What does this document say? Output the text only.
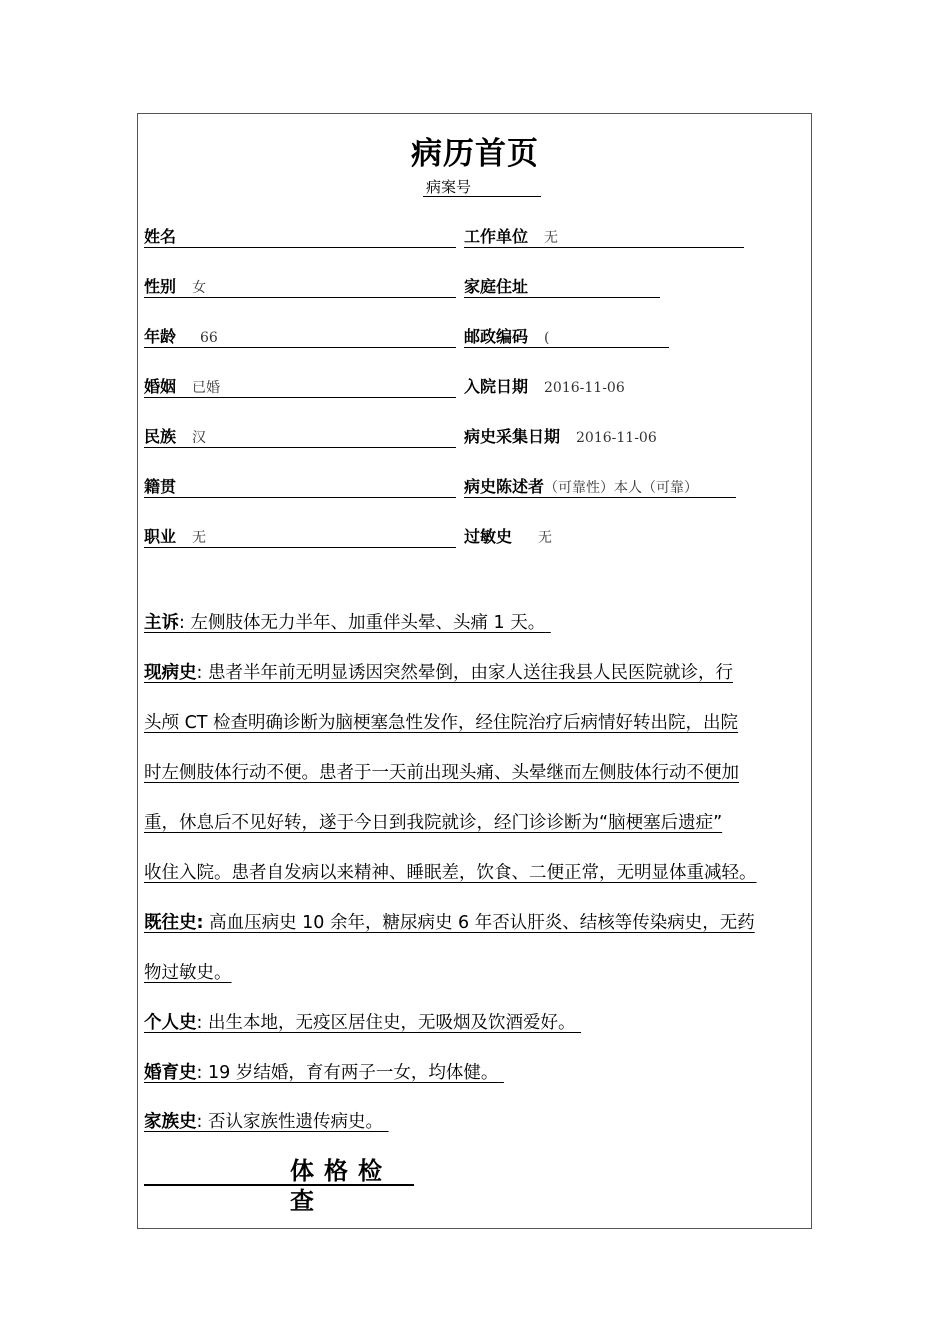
病历首页
病案号
姓名	工作单位 无
性别 女	家庭住址
年龄 66	邮政编码 (
婚姻 已婚	入院日期 2016-11-06
民族 汉	病史采集日期 2016-11-06
籍贯	病史陈述者（可靠性）本人（可靠）
职业 无	过敏史 无
主诉: 左侧肢体无力半年、加重伴头晕、头痛 1 天。
现病史: 患者半年前无明显诱因突然晕倒，由家人送往我县人民医院就诊，行
头颅 CT 检查明确诊断为脑梗塞急性发作，经住院治疗后病情好转出院，出院
时左侧肢体行动不便。患者于一天前出现头痛、头晕继而左侧肢体行动不便加
重，休息后不见好转，遂于今日到我院就诊，经门诊诊断为“脑梗塞后遗症”
收住入院。患者自发病以来精神、睡眠差，饮食、二便正常，无明显体重减轻。
既往史: 高血压病史 10 余年，糖尿病史 6 年否认肝炎、结核等传染病史，无药
物过敏史。
个人史: 出生本地，无疫区居住史，无吸烟及饮酒爱好。
婚育史: 19 岁结婚，育有两子一女，均体健。
家族史: 否认家族性遗传病史。
体格检查
